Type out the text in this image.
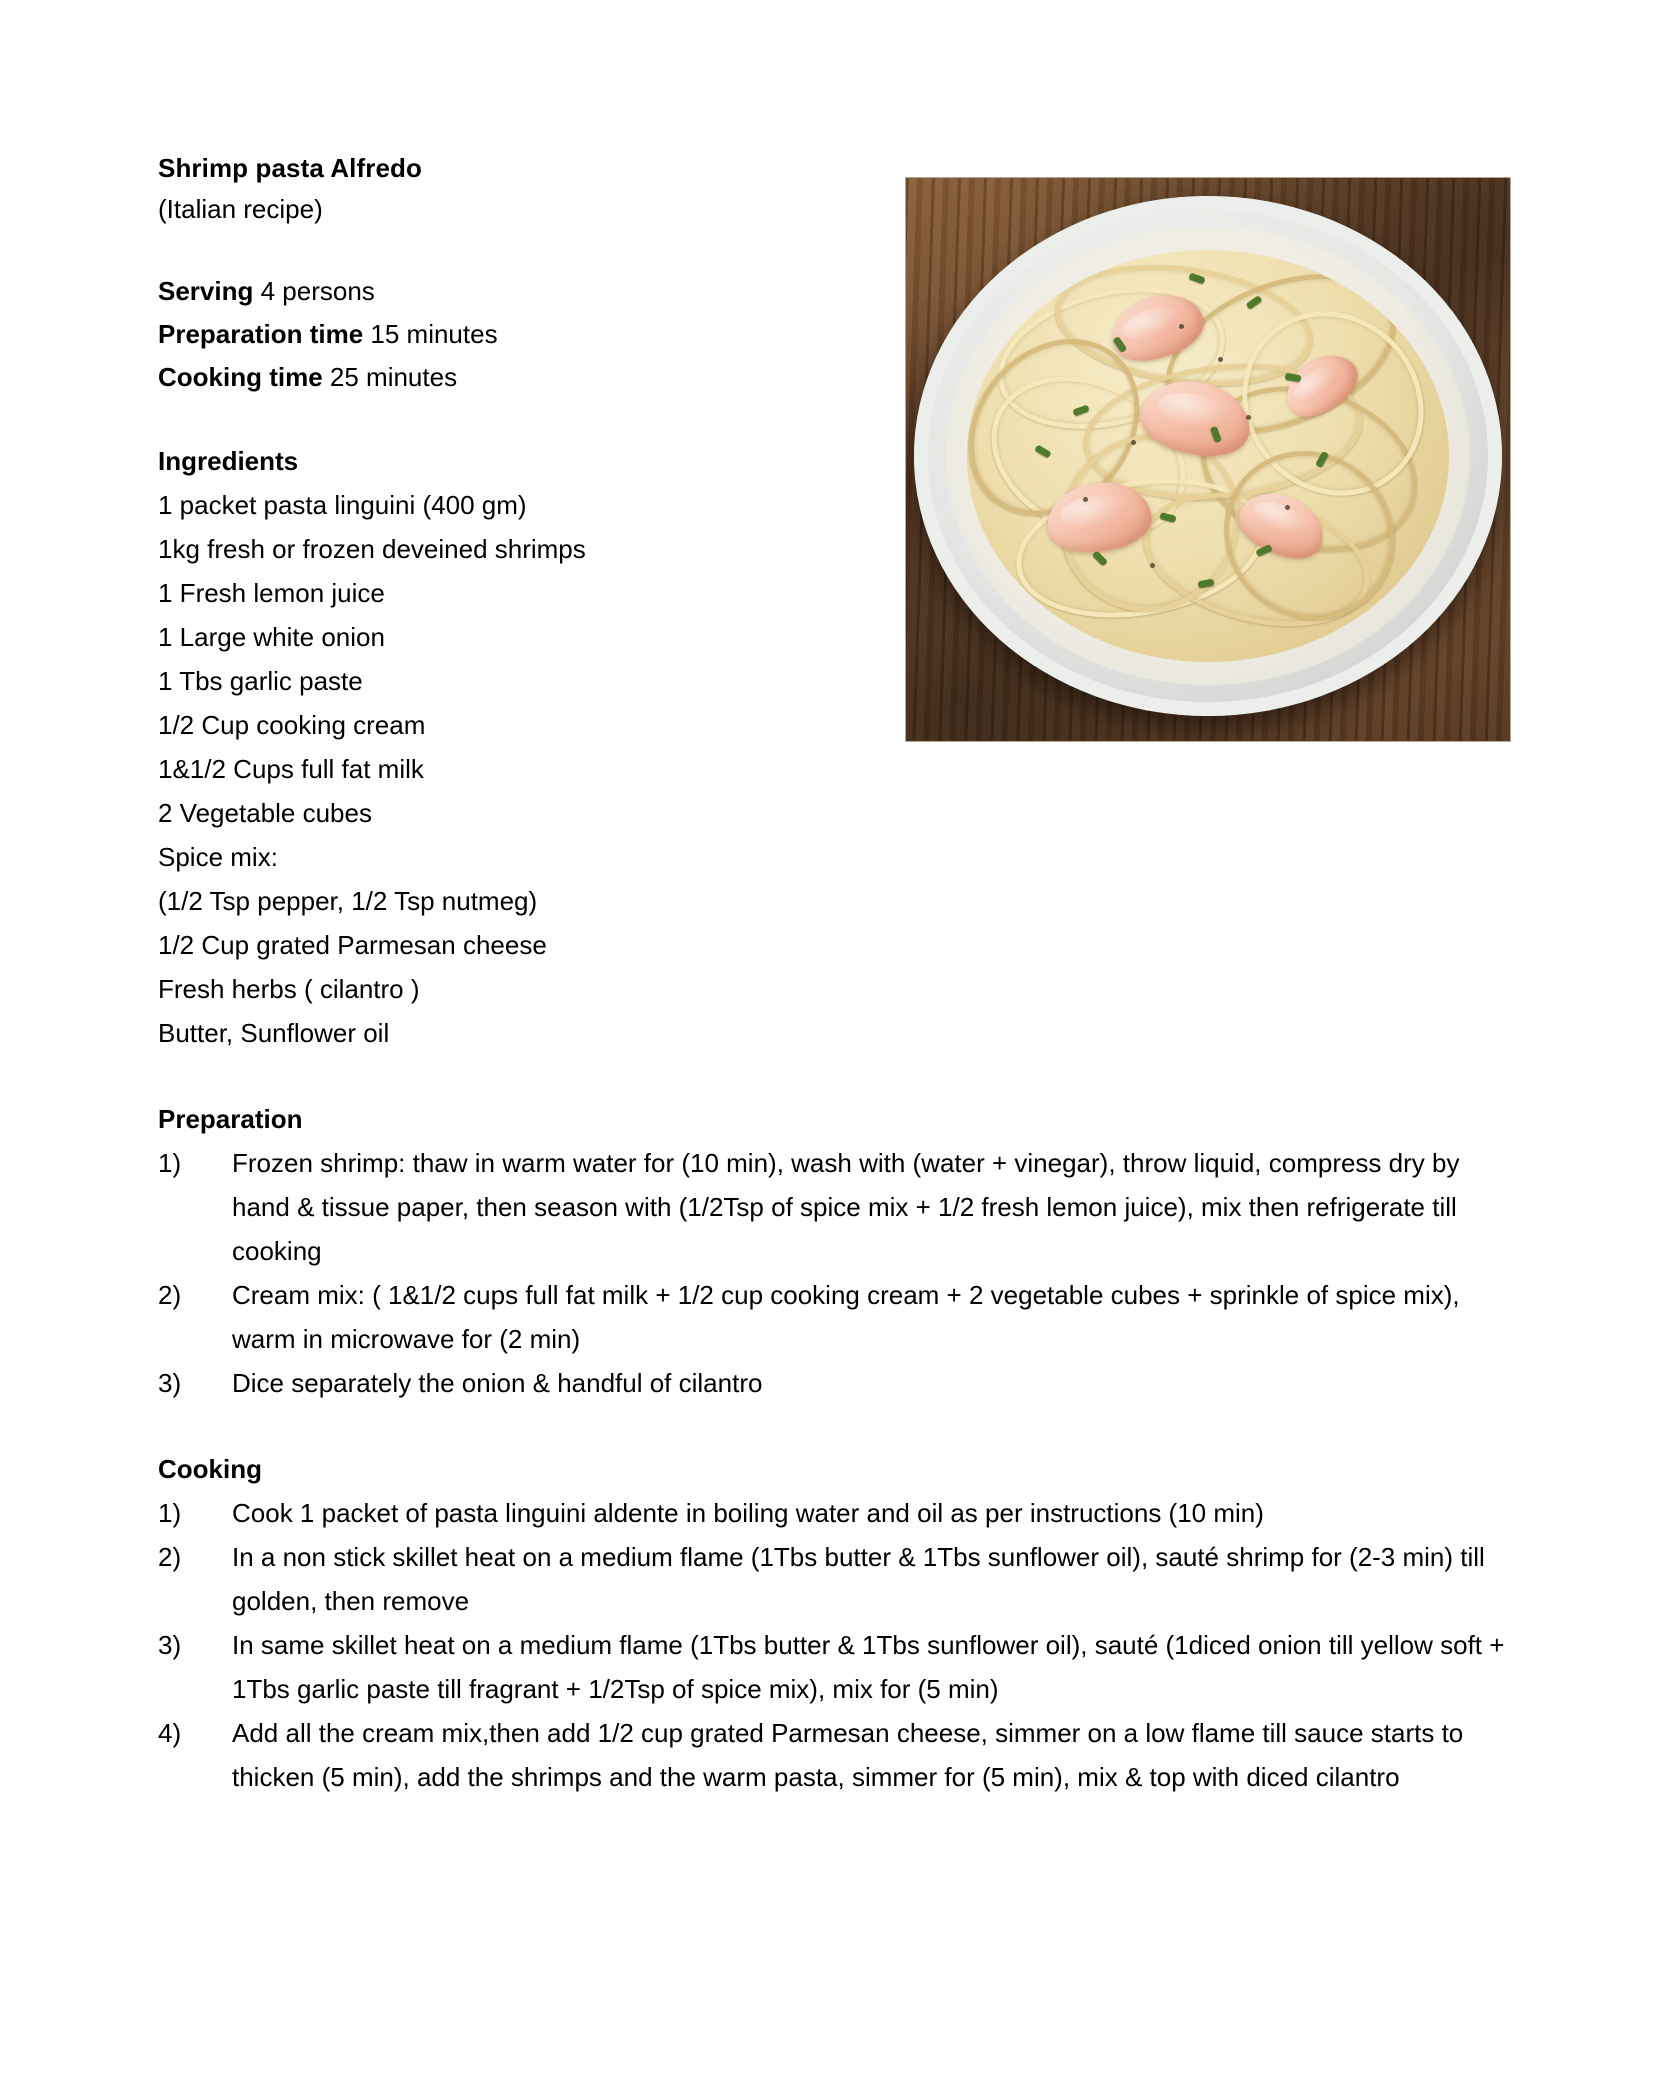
Shrimp pasta Alfredo
(Italian recipe)
Serving 4 persons
Preparation time 15 minutes
Cooking time 25 minutes
Ingredients
1 packet pasta linguini (400 gm)
1kg fresh or frozen deveined shrimps
1 Fresh lemon juice
1 Large white onion
1 Tbs garlic paste
1/2 Cup cooking cream
1&1/2 Cups full fat milk
2 Vegetable cubes
Spice mix:
(1/2 Tsp pepper, 1/2 Tsp nutmeg)
1/2 Cup grated Parmesan cheese
Fresh herbs ( cilantro )
Butter, Sunflower oil
Preparation
1)	Frozen shrimp: thaw in warm water for (10 min), wash with (water + vinegar), throw liquid, compress dry by hand & tissue paper, then season with (1/2Tsp of spice mix + 1/2 fresh lemon juice), mix then refrigerate till cooking
2)	Cream mix: ( 1&1/2 cups full fat milk + 1/2 cup cooking cream + 2 vegetable cubes + sprinkle of spice mix), warm in microwave for (2 min)
3)	Dice separately the onion & handful of cilantro
Cooking
1)	Cook 1 packet of pasta linguini aldente in boiling water and oil as per instructions (10 min)
2)	In a non stick skillet heat on a medium flame (1Tbs butter & 1Tbs sunflower oil), sauté shrimp for (2-3 min) till golden, then remove
3)	In same skillet heat on a medium flame (1Tbs butter & 1Tbs sunflower oil), sauté (1diced onion till yellow soft + 1Tbs garlic paste till fragrant + 1/2Tsp of spice mix), mix for (5 min)
4)	Add all the cream mix,then add 1/2 cup grated Parmesan cheese, simmer on a low flame till sauce starts to thicken (5 min), add the shrimps and the warm pasta, simmer for (5 min), mix & top with diced cilantro
